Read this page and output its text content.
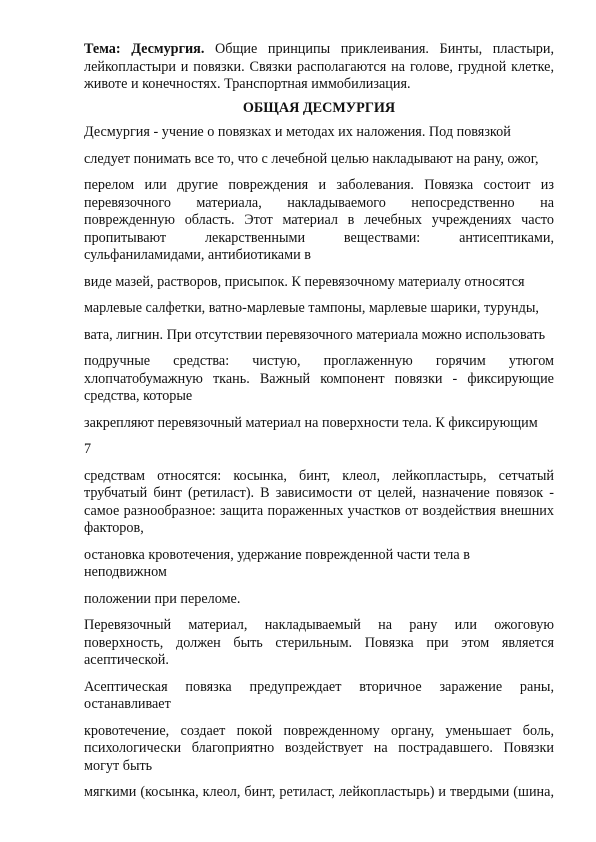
Тема: Десмургия. Общие принципы приклеивания. Бинты, пластыри, лейкопластыри и повязки. Связки располагаются на голове, грудной клетке, животе и конечностях. Транспортная иммобилизация.

ОБЩАЯ ДЕСМУРГИЯ

Десмургия - учение о повязках и методах их наложения. Под повязкой

следует понимать все то, что с лечебной целью накладывают на рану, ожог,

перелом или другие повреждения и заболевания. Повязка состоит из перевязочного материала, накладываемого непосредственно на поврежденную область. Этот материал в лечебных учреждениях часто пропитывают лекарственными веществами: антисептиками, сульфаниламидами, антибиотиками в

виде мазей, растворов, присыпок. К перевязочному материалу относятся

марлевые салфетки, ватно-марлевые тампоны, марлевые шарики, турунды,

вата, лигнин. При отсутствии перевязочного материала можно использовать

подручные средства: чистую, проглаженную горячим утюгом хлопчатобумажную ткань. Важный компонент повязки - фиксирующие средства, которые

закрепляют перевязочный материал на поверхности тела. К фиксирующим

7

средствам относятся: косынка, бинт, клеол, лейкопластырь, сетчатый трубчатый бинт (ретиласт). В зависимости от целей, назначение повязок - самое разнообразное: защита пораженных участков от воздействия внешних факторов,

остановка кровотечения, удержание поврежденной части тела в неподвижном

положении при переломе.

Перевязочный материал, накладываемый на рану или ожоговую поверхность, должен быть стерильным. Повязка при этом является асептической.

Асептическая повязка предупреждает вторичное заражение раны, останавливает

кровотечение, создает покой поврежденному органу, уменьшает боль, психологически благоприятно воздействует на пострадавшего. Повязки могут быть

мягкими (косынка, клеол, бинт, ретиласт, лейкопластырь) и твердыми (шина,
